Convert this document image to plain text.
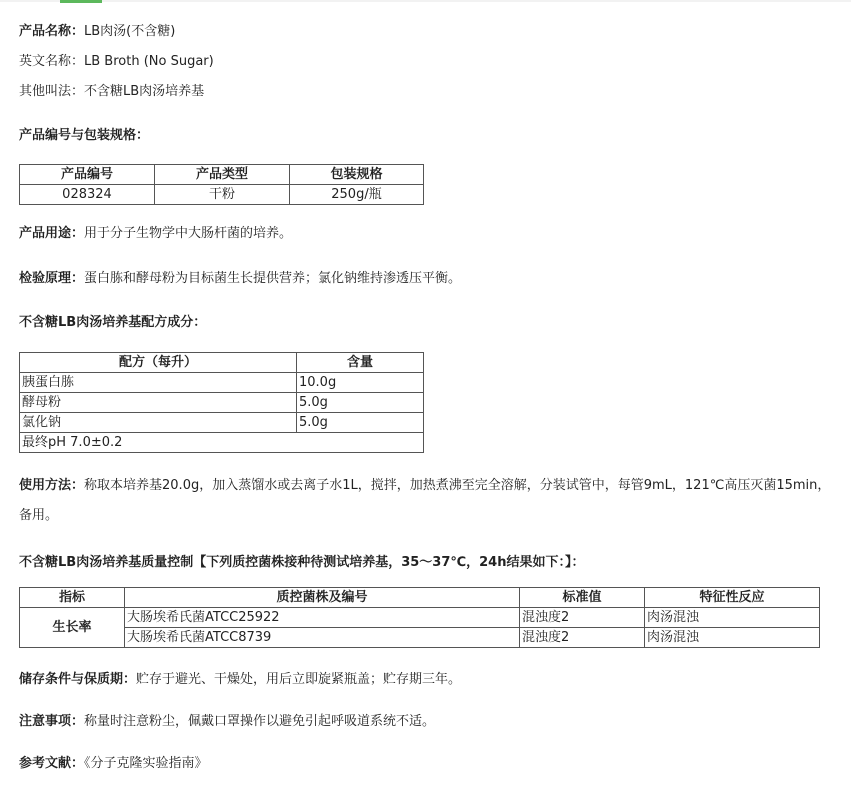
产品名称：LB肉汤(不含糖)

英文名称：LB Broth (No Sugar)

其他叫法：不含糖LB肉汤培养基

产品编号与包装规格：

产品编号	产品类型	包装规格
028324	干粉	250g/瓶

产品用途：用于分子生物学中大肠杆菌的培养。

检验原理：蛋白胨和酵母粉为目标菌生长提供营养；氯化钠维持渗透压平衡。

不含糖LB肉汤培养基配方成分：

配方（每升）	含量
胰蛋白胨	10.0g
酵母粉	5.0g
氯化钠	5.0g
最终pH 7.0±0.2	

使用方法：称取本培养基20.0g，加入蒸馏水或去离子水1L，搅拌，加热煮沸至完全溶解，分装试管中，每管9mL，121℃高压灭菌15min，备用。

不含糖LB肉汤培养基质量控制【下列质控菌株接种待测试培养基，35～37℃，24h结果如下：】：

指标	质控菌株及编号	标准值	特征性反应
生长率	大肠埃希氏菌ATCC25922	混浊度2	肉汤混浊
	大肠埃希氏菌ATCC8739	混浊度2	肉汤混浊

储存条件与保质期：贮存于避光、干燥处，用后立即旋紧瓶盖；贮存期三年。

注意事项：称量时注意粉尘，佩戴口罩操作以避免引起呼吸道系统不适。

参考文献：《分子克隆实验指南》
